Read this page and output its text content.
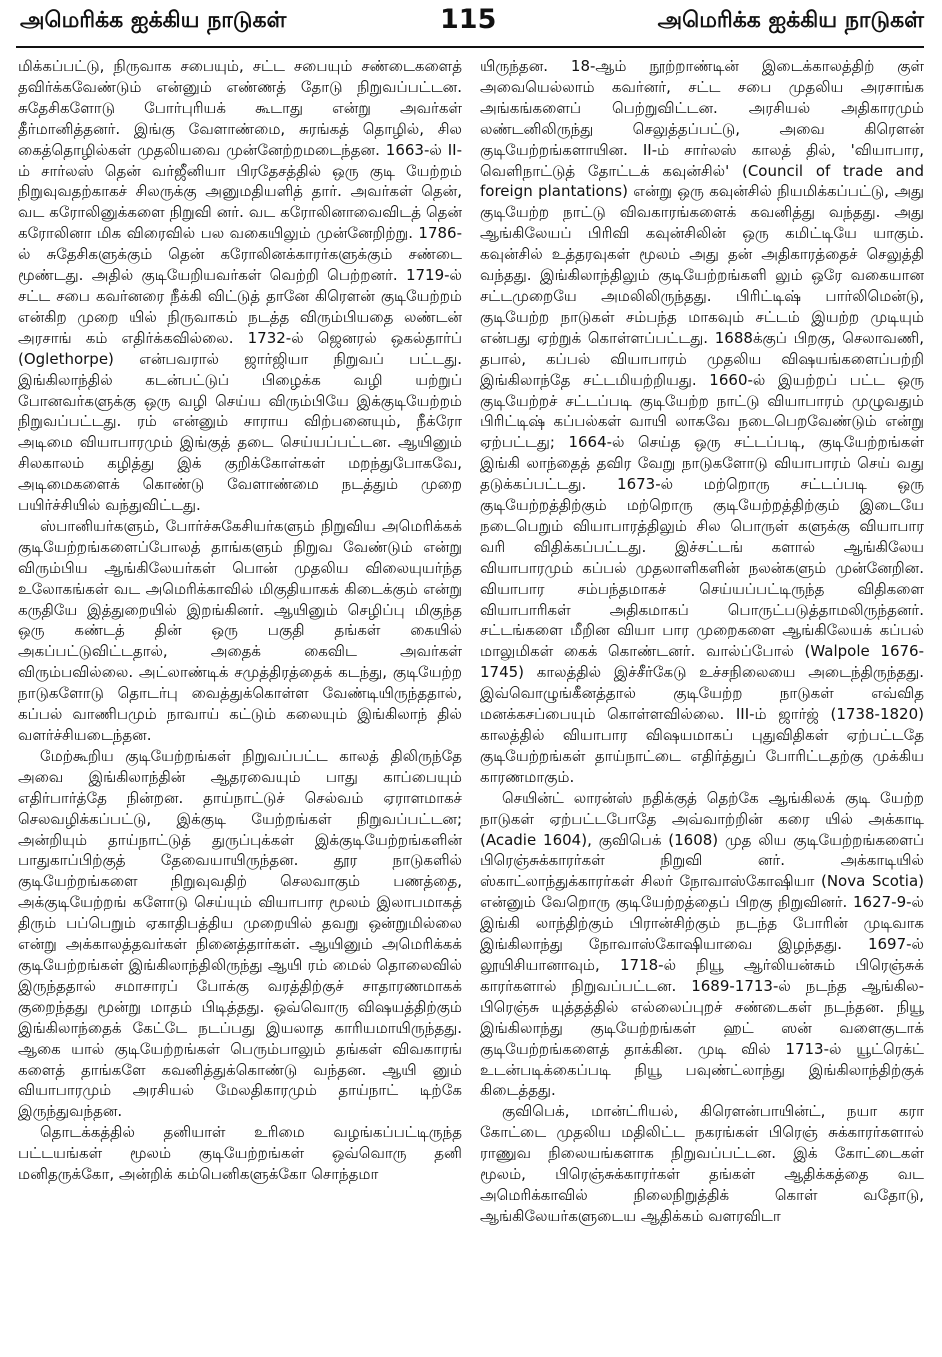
அமெரிக்க ஐக்கிய நாடுகள்	115	அமெரிக்க ஐக்கிய நாடுகள்

மிக்கப்பட்டு, நிருவாக சபையும், சட்ட சபையும் சண்டைகளைத் தவிர்க்கவேண்டும் என்னும் எண்ணத் தோடு நிறுவப்பட்டன. சுதேசிகளோடு போர்புரியக் கூடாது என்று அவர்கள் தீர்மானித்தனர். இங்கு வேளாண்மை, சுரங்கத் தொழில், சில கைத்தொழில்கள் முதலியவை முன்னேற்றமடைந்தன. 1663-ல் II-ம் சார்லஸ் தென் வர்ஜீனியா பிரதேசத்தில் ஒரு குடி யேற்றம் நிறுவுவதற்காகச் சிலருக்கு அனுமதியளித் தார். அவர்கள் தென், வட கரோலினுக்களை நிறுவி னர். வட கரோலினாவைவிடத் தென் கரோலினா மிக விரைவில் பல வகையிலும் முன்னேறிற்று. 1786-ல் சுதேசிகளுக்கும் தென் கரோலினக்காரர்களுக்கும் சண்டை மூண்டது. அதில் குடியேறியவர்கள் வெற்றி பெற்றனர். 1719-ல் சட்ட சபை கவர்னரை நீக்கி விட்டுத் தானே கிரௌன் குடியேற்றம் என்கிற முறை யில் நிருவாகம் நடத்த விரும்பியதை லண்டன் அரசாங் கம் எதிர்க்கவில்லை. 1732-ல் ஜெனரல் ஒகல்தார்ப் (Oglethorpe) என்பவரால் ஜார்ஜியா நிறுவப் பட்டது. இங்கிலாந்தில் கடன்பட்டுப் பிழைக்க வழி யற்றுப் போனவர்களுக்கு ஒரு வழி செய்ய விரும்பியே இக்குடியேற்றம் நிறுவப்பட்டது. ரம் என்னும் சாராய விற்பனையும், நீக்ரோ அடிமை வியாபாரமும் இங்குத் தடை செய்யப்பட்டன. ஆயினும் சிலகாலம் கழித்து இக் குறிக்கோள்கள் மறந்துபோகவே, அடிமைகளைக் கொண்டு வேளாண்மை நடத்தும் முறை பயிர்ச்சியில் வந்துவிட்டது.

ஸ்பானியர்களும், போர்ச்சுகேசியர்களும் நிறுவிய அமெரிக்கக் குடியேற்றங்களைப்போலத் தாங்களும் நிறுவ வேண்டும் என்று விரும்பிய ஆங்கிலேயர்கள் பொன் முதலிய விலையுயர்ந்த உலோகங்கள் வட அமெரிக்காவில் மிகுதியாகக் கிடைக்கும் என்று கருதியே இத்துறையில் இறங்கினர். ஆயினும் செழிப்பு மிகுந்த ஒரு கண்டத் தின் ஒரு பகுதி தங்கள் கையில் அகப்பட்டுவிட்டதால், அதைக் கைவிட அவர்கள் விரும்பவில்லை. அட்லாண்டிக் சமுத்திரத்தைக் கடந்து, குடியேற்ற நாடுகளோடு தொடர்பு வைத்துக்கொள்ள வேண்டியிருந்ததால், கப்பல் வாணிபமும் நாவாய் கட்டும் கலையும் இங்கிலாந் தில் வளர்ச்சியடைந்தன.

மேற்கூறிய குடியேற்றங்கள் நிறுவப்பட்ட காலத் திலிருந்தே அவை இங்கிலாந்தின் ஆதரவையும் பாது காப்பையும் எதிர்பார்த்தே நின்றன. தாய்நாட்டுச் செல்வம் ஏராளமாகச் செலவழிக்கப்பட்டு, இக்குடி யேற்றங்கள் நிறுவப்பட்டன; அன்றியும் தாய்நாட்டுத் துருப்புக்கள் இக்குடியேற்றங்களின் பாதுகாப்பிற்குத் தேவையாயிருந்தன. தூர நாடுகளில் குடியேற்றங்களை நிறுவுவதிற் செலவாகும் பணத்தை, அக்குடியேற்றங் களோடு செய்யும் வியாபார மூலம் இலாபமாகத் திரும் பப்பெறும் ஏகாதிபத்திய முறையில் தவறு ஒன்றுமில்லை என்று அக்காலத்தவர்கள் நினைத்தார்கள். ஆயினும் அமெரிக்கக் குடியேற்றங்கள் இங்கிலாந்திலிருந்து ஆயி ரம் மைல் தொலைவில் இருந்ததால் சமாசாரப் போக்கு வரத்திற்குச் சாதாரணமாகக் குறைந்தது மூன்று மாதம் பிடித்தது. ஒவ்வொரு விஷயத்திற்கும் இங்கிலாந்தைக் கேட்டே நடப்பது இயலாத காரியமாயிருந்தது. ஆகை யால் குடியேற்றங்கள் பெரும்பாலும் தங்கள் விவகாரங் களைத் தாங்களே கவனித்துக்கொண்டு வந்தன. ஆயி னும் வியாபாரமும் அரசியல் மேலதிகாரமும் தாய்நாட் டிற்கே இருந்துவந்தன.

தொடக்கத்தில் தனியாள் உரிமை வழங்கப்பட்டிருந்த பட்டயங்கள் மூலம் குடியேற்றங்கள் ஒவ்வொரு தனி மனிதருக்கோ, அன்றிக் கம்பெனிகளுக்கோ சொந்தமா

யிருந்தன. 18-ஆம் நூற்றாண்டின் இடைக்காலத்திற் குள் அவையெல்லாம் கவர்னர், சட்ட சபை முதலிய அரசாங்க அங்கங்களைப் பெற்றுவிட்டன. அரசியல் அதிகாரமும் லண்டனிலிருந்து செலுத்தப்பட்டு, அவை கிரௌன் குடியேற்றங்களாயின. II-ம் சார்லஸ் காலத் தில், 'வியாபார, வெளிநாட்டுத் தோட்டக் கவுன்சில்' (Council of trade and foreign plantations) என்று ஒரு கவுன்சில் நியமிக்கப்பட்டு, அது குடியேற்ற நாட்டு விவகாரங்களைக் கவனித்து வந்தது. அது ஆங்கிலேயப் பிரிவி கவுன்சிலின் ஒரு கமிட்டியே யாகும். கவுன்சில் உத்தரவுகள் மூலம் அது தன் அதிகாரத்தைச் செலுத்தி வந்தது. இங்கிலாந்திலும் குடியேற்றங்களி லும் ஒரே வகையான சட்டமுறையே அமலிலிருந்தது. பிரிட்டிஷ் பார்லிமென்டு, குடியேற்ற நாடுகள் சம்பந்த மாகவும் சட்டம் இயற்ற முடியும் என்பது ஏற்றுக் கொள்ளப்பட்டது. 1688க்குப் பிறகு, செலாவணி, தபால், கப்பல் வியாபாரம் முதலிய விஷயங்களைப்பற்றி இங்கிலாந்தே சட்டமியற்றியது. 1660-ல் இயற்றப் பட்ட ஒரு குடியேற்றச் சட்டப்படி குடியேற்ற நாட்டு வியாபாரம் முழுவதும் பிரிட்டிஷ் கப்பல்கள் வாயி லாகவே நடைபெறவேண்டும் என்று ஏற்பட்டது; 1664-ல் செய்த ஒரு சட்டப்படி, குடியேற்றங்கள் இங்கி லாந்தைத் தவிர வேறு நாடுகளோடு வியாபாரம் செய் வது தடுக்கப்பட்டது. 1673-ல் மற்றொரு சட்டப்படி ஒரு குடியேற்றத்திற்கும் மற்றொரு குடியேற்றத்திற்கும் இடையே நடைபெறும் வியாபாரத்திலும் சில பொருள் களுக்கு வியாபார வரி விதிக்கப்பட்டது. இச்சட்டங் களால் ஆங்கிலேய வியாபாரமும் கப்பல் முதலாளிகளின் நலன்களும் முன்னேறின. வியாபார சம்பந்தமாகச் செய்யப்பட்டிருந்த விதிகளை வியாபாரிகள் அதிகமாகப் பொருட்படுத்தாமலிருந்தனர். சட்டங்களை மீறின வியா பார முறைகளை ஆங்கிலேயக் கப்பல் மாலுமிகள் கைக் கொண்டனர். வால்ப்போல் (Walpole 1676-1745) காலத்தில் இச்சீர்கேடு உச்சநிலையை அடைந்திருந்தது. இவ்வொழுங்கீனத்தால் குடியேற்ற நாடுகள் எவ்வித மனக்கசப்பையும் கொள்ளவில்லை. III-ம் ஜார்ஜ் (1738-1820) காலத்தில் வியாபார விஷயமாகப் புதுவிதிகள் ஏற்பட்டதே குடியேற்றங்கள் தாய்நாட்டை எதிர்த்துப் போரிட்டதற்கு முக்கிய காரணமாகும்.

செயின்ட் லாரன்ஸ் நதிக்குத் தெற்கே ஆங்கிலக் குடி யேற்ற நாடுகள் ஏற்பட்டபோதே அவ்வாற்றின் கரை யில் அக்காடி (Acadie 1604), குவிபெக் (1608) முத லிய குடியேற்றங்களைப் பிரெஞ்சுக்காரர்கள் நிறுவி னர். அக்காடியில் ஸ்காட்லாந்துக்காரர்கள் சிலர் நோவாஸ்கோஷியா (Nova Scotia) என்னும் வேறொரு குடியேற்றத்தைப் பிறகு நிறுவினர். 1627-9-ல் இங்கி லாந்திற்கும் பிரான்சிற்கும் நடந்த போரின் முடிவாக இங்கிலாந்து நோவாஸ்கோஷியாவை இழந்தது. 1697-ல் லூயிசியானாவும், 1718-ல் நியூ ஆர்லியன்சும் பிரெஞ்சுக் காரர்களால் நிறுவப்பட்டன. 1689-1713-ல் நடந்த ஆங்கில-பிரெஞ்சு யுத்தத்தில் எல்லைப்புறச் சண்டைகள் நடந்தன. நியூ இங்கிலாந்து குடியேற்றங்கள் ஹட் ஸன் வளைகுடாக் குடியேற்றங்களைத் தாக்கின. முடி வில் 1713-ல் யூட்ரெக்ட் உடன்படிக்கைப்படி நியூ பவுண்ட்லாந்து இங்கிலாந்திற்குக் கிடைத்தது.

குவிபெக், மான்ட்ரியல், கிரௌன்பாயின்ட், நயா கரா கோட்டை முதலிய மதிலிட்ட நகரங்கள் பிரெஞ் சுக்காரர்களால் ராணுவ நிலையங்களாக நிறுவப்பட்டன. இக் கோட்டைகள் மூலம், பிரெஞ்சுக்காரர்கள் தங்கள் ஆதிக்கத்தை வட அமெரிக்காவில் நிலைநிறுத்திக் கொள் வதோடு, ஆங்கிலேயர்களுடைய ஆதிக்கம் வளரவிடா
